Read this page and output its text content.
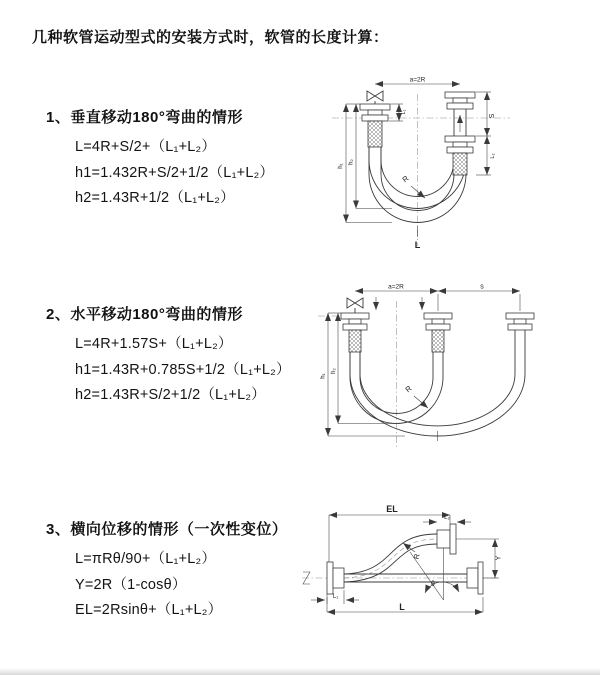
几种软管运动型式的安装方式时，软管的长度计算：
1、垂直移动180°弯曲的情形
L=4R+S/2+（L₁+L₂）
h1=1.432R+S/2+1/2（L₁+L₂）
h2=1.43R+1/2（L₁+L₂）
2、水平移动180°弯曲的情形
L=4R+1.57S+（L₁+L₂）
h1=1.43R+0.785S+1/2（L₁+L₂）
h2=1.43R+S/2+1/2（L₁+L₂）
3、横向位移的情形（一次性变位）
L=πRθ/90+（L₁+L₂）
Y=2R（1-cosθ）
EL=2Rsinθ+（L₁+L₂）
a=2R
S
L₂
L₁
h₁
h₂
R
L
a=2R	s
h₁
h₂
R
θ
EL
L₂
Y
R
L₁
L
